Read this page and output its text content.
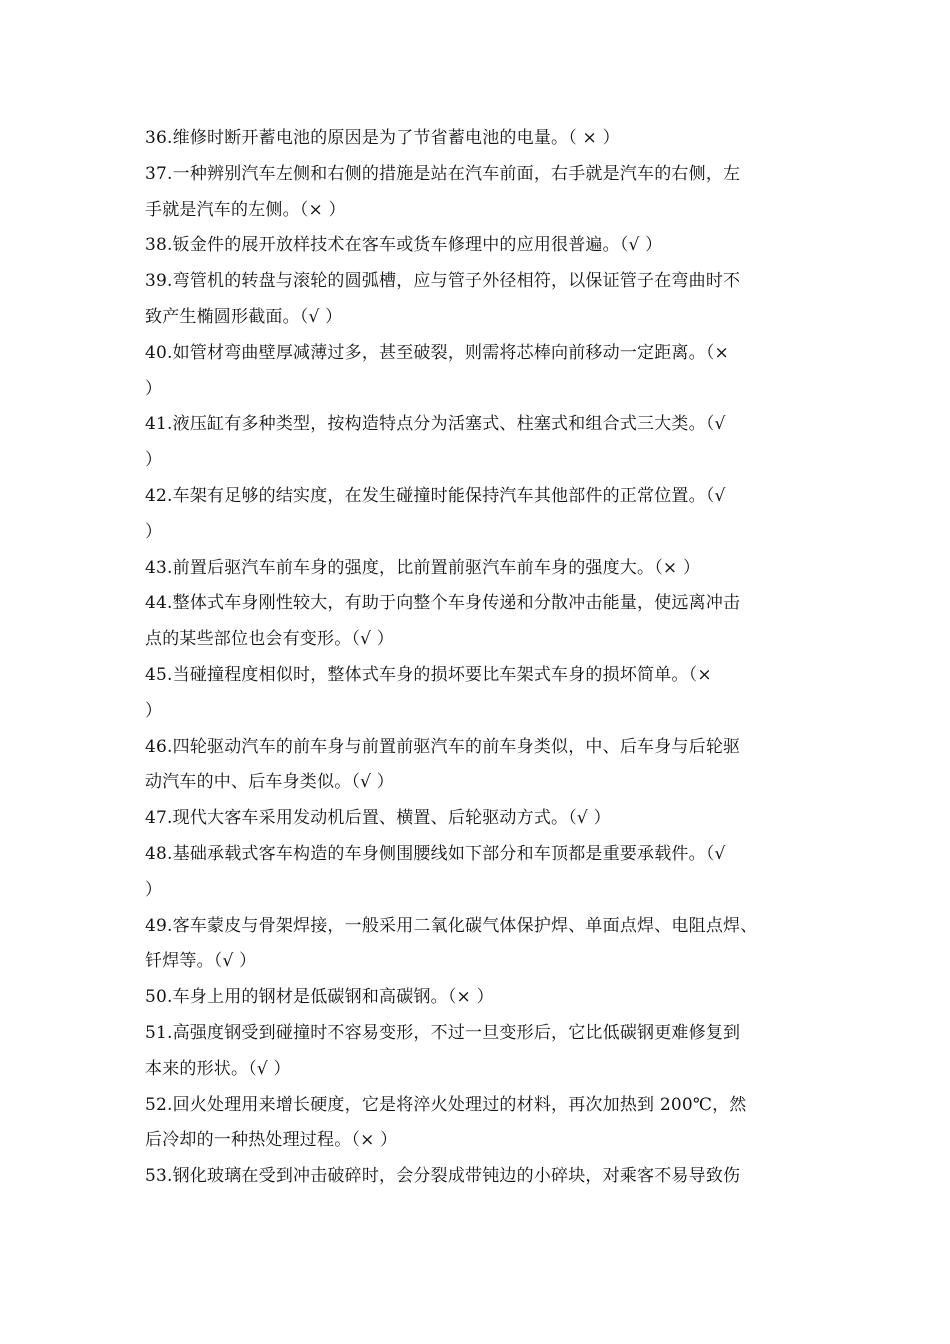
36.维修时断开蓄电池的原因是为了节省蓄电池的电量。（ × ）
37.一种辨别汽车左侧和右侧的措施是站在汽车前面，右手就是汽车的右侧，左
手就是汽车的左侧。（× ）
38.钣金件的展开放样技术在客车或货车修理中的应用很普遍。（√ ）
39.弯管机的转盘与滚轮的圆弧槽，应与管子外径相符，以保证管子在弯曲时不
致产生椭圆形截面。（√ ）
40.如管材弯曲壁厚减薄过多，甚至破裂，则需将芯棒向前移动一定距离。（×
）
41.液压缸有多种类型，按构造特点分为活塞式、柱塞式和组合式三大类。（√
）
42.车架有足够的结实度，在发生碰撞时能保持汽车其他部件的正常位置。（√
）
43.前置后驱汽车前车身的强度，比前置前驱汽车前车身的强度大。（× ）
44.整体式车身刚性较大，有助于向整个车身传递和分散冲击能量，使远离冲击
点的某些部位也会有变形。（√ ）
45.当碰撞程度相似时，整体式车身的损坏要比车架式车身的损坏简单。（×
）
46.四轮驱动汽车的前车身与前置前驱汽车的前车身类似，中、后车身与后轮驱
动汽车的中、后车身类似。（√ ）
47.现代大客车采用发动机后置、横置、后轮驱动方式。（√ ）
48.基础承载式客车构造的车身侧围腰线如下部分和车顶都是重要承载件。（√
）
49.客车蒙皮与骨架焊接，一般采用二氧化碳气体保护焊、单面点焊、电阻点焊、
钎焊等。（√ ）
50.车身上用的钢材是低碳钢和高碳钢。（× ）
51.高强度钢受到碰撞时不容易变形，不过一旦变形后，它比低碳钢更难修复到
本来的形状。（√ ）
52.回火处理用来增长硬度，它是将淬火处理过的材料，再次加热到 200℃，然
后冷却的一种热处理过程。（× ）
53.钢化玻璃在受到冲击破碎时，会分裂成带钝边的小碎块，对乘客不易导致伤
